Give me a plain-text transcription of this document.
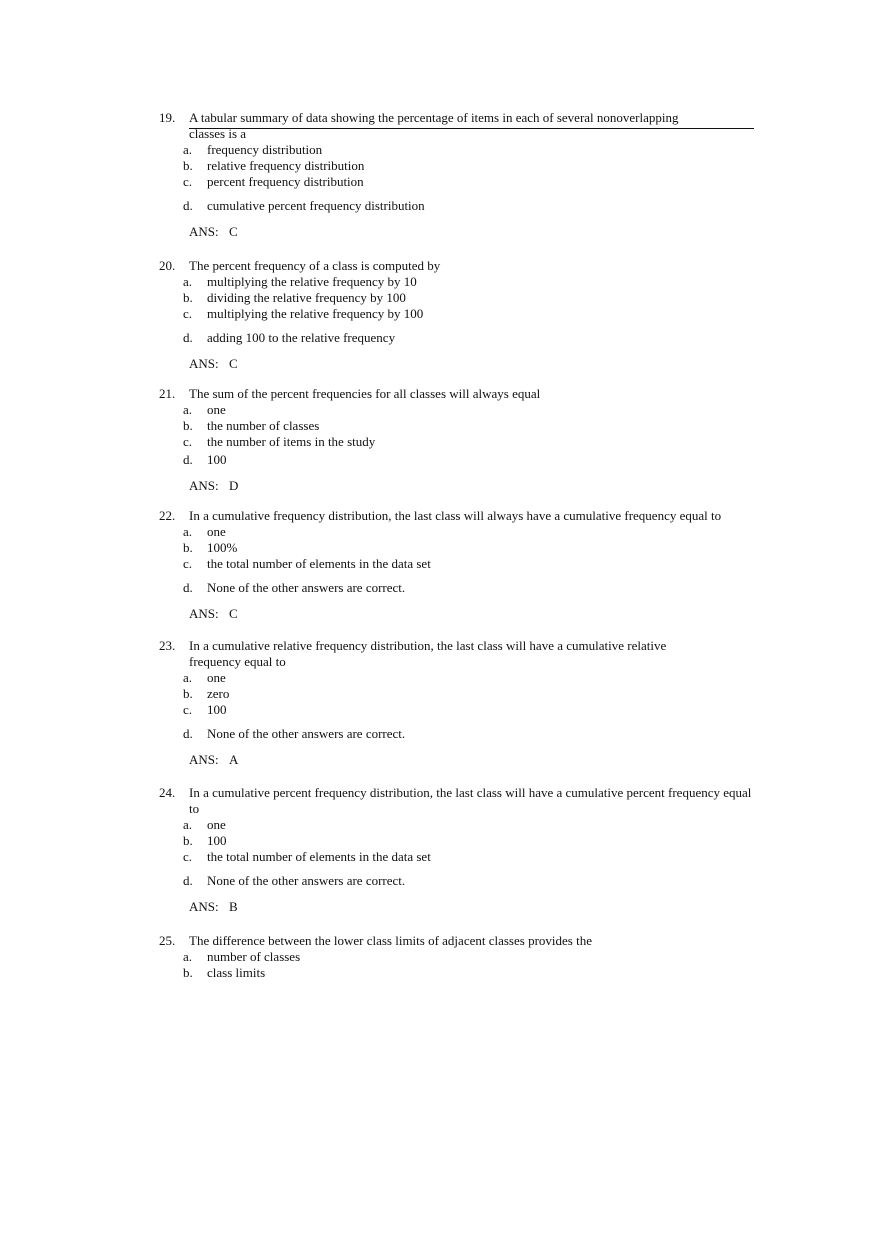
19. A tabular summary of data showing the percentage of items in each of several nonoverlapping classes is a
a. frequency distribution
b. relative frequency distribution
c. percent frequency distribution
d. cumulative percent frequency distribution
ANS: C
20. The percent frequency of a class is computed by
a. multiplying the relative frequency by 10
b. dividing the relative frequency by 100
c. multiplying the relative frequency by 100
d. adding 100 to the relative frequency
ANS: C
21. The sum of the percent frequencies for all classes will always equal
a. one
b. the number of classes
c. the number of items in the study
d. 100
ANS: D
22. In a cumulative frequency distribution, the last class will always have a cumulative frequency equal to
a. one
b. 100%
c. the total number of elements in the data set
d. None of the other answers are correct.
ANS: C
23. In a cumulative relative frequency distribution, the last class will have a cumulative relative frequency equal to
a. one
b. zero
c. 100
d. None of the other answers are correct.
ANS: A
24. In a cumulative percent frequency distribution, the last class will have a cumulative percent frequency equal to
a. one
b. 100
c. the total number of elements in the data set
d. None of the other answers are correct.
ANS: B
25. The difference between the lower class limits of adjacent classes provides the
a. number of classes
b. class limits
